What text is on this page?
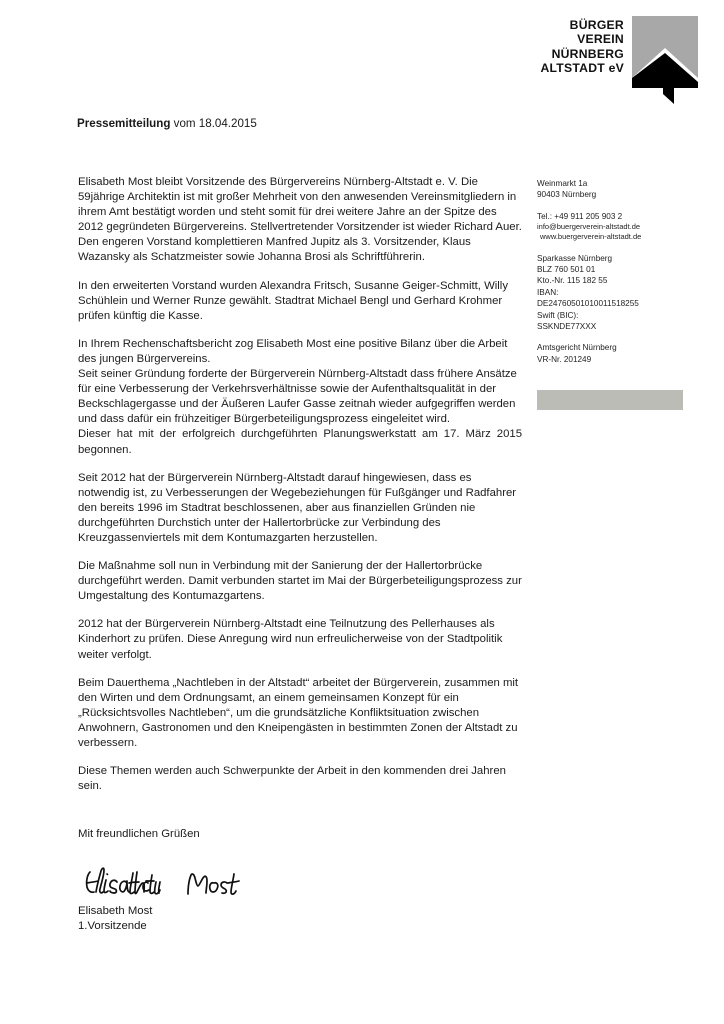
BÜRGER
VEREIN
NÜRNBERG
ALTSTADT eV
Pressemitteilung vom 18.04.2015

Elisabeth Most bleibt Vorsitzende des Bürgervereins Nürnberg-Altstadt e. V. Die 59jährige Architektin ist mit großer Mehrheit von den anwesenden Vereinsmitgliedern in ihrem Amt bestätigt worden und steht somit für drei weitere Jahre an der Spitze des 2012 gegründeten Bürgervereins. Stellvertretender Vorsitzender ist wieder Richard Auer. Den engeren Vorstand komplettieren Manfred Jupitz als 3. Vorsitzender, Klaus Wazansky als Schatzmeister sowie Johanna Brosi als Schriftführerin.

In den erweiterten Vorstand wurden Alexandra Fritsch, Susanne Geiger-Schmitt, Willy Schühlein und Werner Runze gewählt. Stadtrat Michael Bengl und Gerhard Krohmer prüfen künftig die Kasse.

In Ihrem Rechenschaftsbericht zog Elisabeth Most eine positive Bilanz über die Arbeit des jungen Bürgervereins.

Seit seiner Gründung forderte der Bürgerverein Nürnberg-Altstadt dass frühere Ansätze für eine Verbesserung der Verkehrsverhältnisse sowie der Aufenthaltsqualität in der Beckschlagergasse und der Äußeren Laufer Gasse zeitnah wieder aufgegriffen werden und dass dafür ein frühzeitiger Bürgerbeteiligungsprozess eingeleitet wird.

Dieser hat mit der erfolgreich durchgeführten Planungswerkstatt am 17. März 2015 begonnen.

Seit 2012 hat der Bürgerverein Nürnberg-Altstadt darauf hingewiesen, dass es notwendig ist, zu Verbesserungen der Wegebeziehungen für Fußgänger und Radfahrer den bereits 1996 im Stadtrat beschlossenen, aber aus finanziellen Gründen nie durchgeführten Durchstich unter der Hallertorbrücke zur Verbindung des Kreuzgassenviertels mit dem Kontumazgarten herzustellen.

Die Maßnahme soll nun in Verbindung mit der Sanierung der der Hallertorbrücke durchgeführt werden. Damit verbunden startet im Mai der Bürgerbeteiligungsprozess zur Umgestaltung des Kontumazgartens.

2012 hat der Bürgerverein Nürnberg-Altstadt eine Teilnutzung des Pellerhauses als Kinderhort zu prüfen. Diese Anregung wird nun erfreulicherweise von der Stadtpolitik weiter verfolgt.

Beim Dauerthema „Nachtleben in der Altstadt“ arbeitet der Bürgerverein, zusammen mit den Wirten und dem Ordnungsamt, an einem gemeinsamen Konzept für ein „Rücksichtsvolles Nachtleben“, um die grundsätzliche Konfliktsituation zwischen Anwohnern, Gastronomen und den Kneipengästen in bestimmten Zonen der Altstadt zu verbessern.

Diese Themen werden auch Schwerpunkte der Arbeit in den kommenden drei Jahren sein.

Weinmarkt 1a
90403 Nürnberg
Tel.: +49 911 205 903 2
info@buergerverein-altstadt.de
www.buergerverein-altstadt.de
Sparkasse Nürnberg
BLZ 760 501 01
Kto.-Nr. 115 182 55
IBAN:
DE24760501010011518255
Swift (BIC):
SSKNDE77XXX
Amtsgericht Nürnberg
VR-Nr. 201249
Mit freundlichen Grüßen
Elisabeth Most
1.Vorsitzende
